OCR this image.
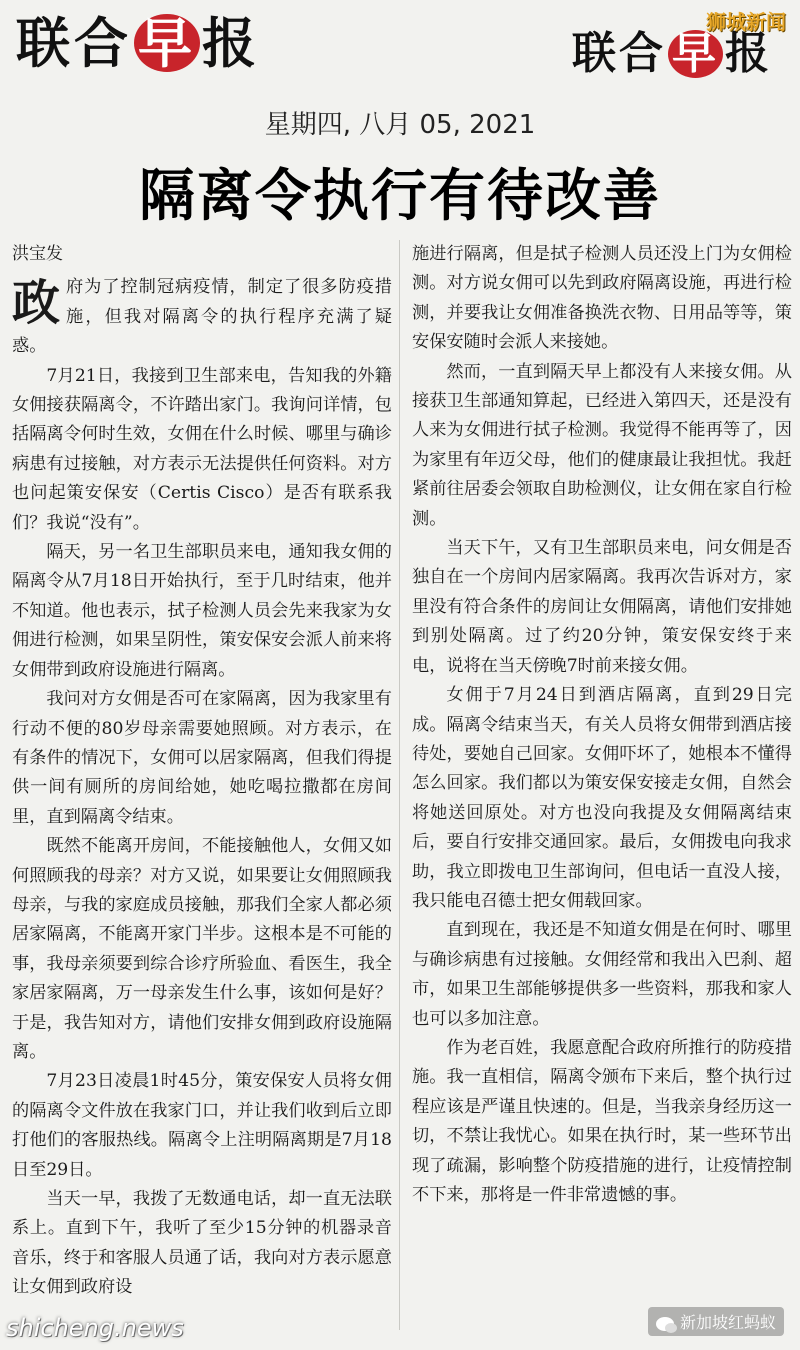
联合 早 报	联合 早 报
狮城新闻
星期四, 八月 05, 2021
隔离令执行有待改善
洪宝发

政府为了控制冠病疫情，制定了很多防疫措施，但我对隔离令的执行程序充满了疑惑。

7月21日，我接到卫生部来电，告知我的外籍女佣接获隔离令，不许踏出家门。我询问详情，包括隔离令何时生效，女佣在什么时候、哪里与确诊病患有过接触，对方表示无法提供任何资料。对方也问起策安保安（Certis Cisco）是否有联系我们？我说“没有”。

隔天，另一名卫生部职员来电，通知我女佣的隔离令从7月18日开始执行，至于几时结束，他并不知道。他也表示，拭子检测人员会先来我家为女佣进行检测，如果呈阴性，策安保安会派人前来将女佣带到政府设施进行隔离。

我问对方女佣是否可在家隔离，因为我家里有行动不便的80岁母亲需要她照顾。对方表示，在有条件的情况下，女佣可以居家隔离，但我们得提供一间有厕所的房间给她，她吃喝拉撒都在房间里，直到隔离令结束。

既然不能离开房间，不能接触他人，女佣又如何照顾我的母亲？对方又说，如果要让女佣照顾我母亲，与我的家庭成员接触，那我们全家人都必须居家隔离，不能离开家门半步。这根本是不可能的事，我母亲须要到综合诊疗所验血、看医生，我全家居家隔离，万一母亲发生什么事，该如何是好？于是，我告知对方，请他们安排女佣到政府设施隔离。

7月23日凌晨1时45分，策安保安人员将女佣的隔离令文件放在我家门口，并让我们收到后立即打他们的客服热线。隔离令上注明隔离期是7月18日至29日。

当天一早，我拨了无数通电话，却一直无法联系上。直到下午，我听了至少15分钟的机器录音音乐，终于和客服人员通了话，我向对方表示愿意让女佣到政府设

施进行隔离，但是拭子检测人员还没上门为女佣检测。对方说女佣可以先到政府隔离设施，再进行检测，并要我让女佣准备换洗衣物、日用品等等，策安保安随时会派人来接她。

然而，一直到隔天早上都没有人来接女佣。从接获卫生部通知算起，已经进入第四天，还是没有人来为女佣进行拭子检测。我觉得不能再等了，因为家里有年迈父母，他们的健康最让我担忧。我赶紧前往居委会领取自助检测仪，让女佣在家自行检测。

当天下午，又有卫生部职员来电，问女佣是否独自在一个房间内居家隔离。我再次告诉对方，家里没有符合条件的房间让女佣隔离，请他们安排她到别处隔离。过了约20分钟，策安保安终于来电，说将在当天傍晚7时前来接女佣。

女佣于7月24日到酒店隔离，直到29日完成。隔离令结束当天，有关人员将女佣带到酒店接待处，要她自己回家。女佣吓坏了，她根本不懂得怎么回家。我们都以为策安保安接走女佣，自然会将她送回原处。对方也没向我提及女佣隔离结束后，要自行安排交通回家。最后，女佣拨电向我求助，我立即拨电卫生部询问，但电话一直没人接，我只能电召德士把女佣载回家。

直到现在，我还是不知道女佣是在何时、哪里与确诊病患有过接触。女佣经常和我出入巴刹、超市，如果卫生部能够提供多一些资料，那我和家人也可以多加注意。

作为老百姓，我愿意配合政府所推行的防疫措施。我一直相信，隔离令颁布下来后，整个执行过程应该是严谨且快速的。但是，当我亲身经历这一切，不禁让我忧心。如果在执行时，某一些环节出现了疏漏，影响整个防疫措施的进行，让疫情控制不下来，那将是一件非常遗憾的事。

shicheng.news	新加坡红蚂蚁
